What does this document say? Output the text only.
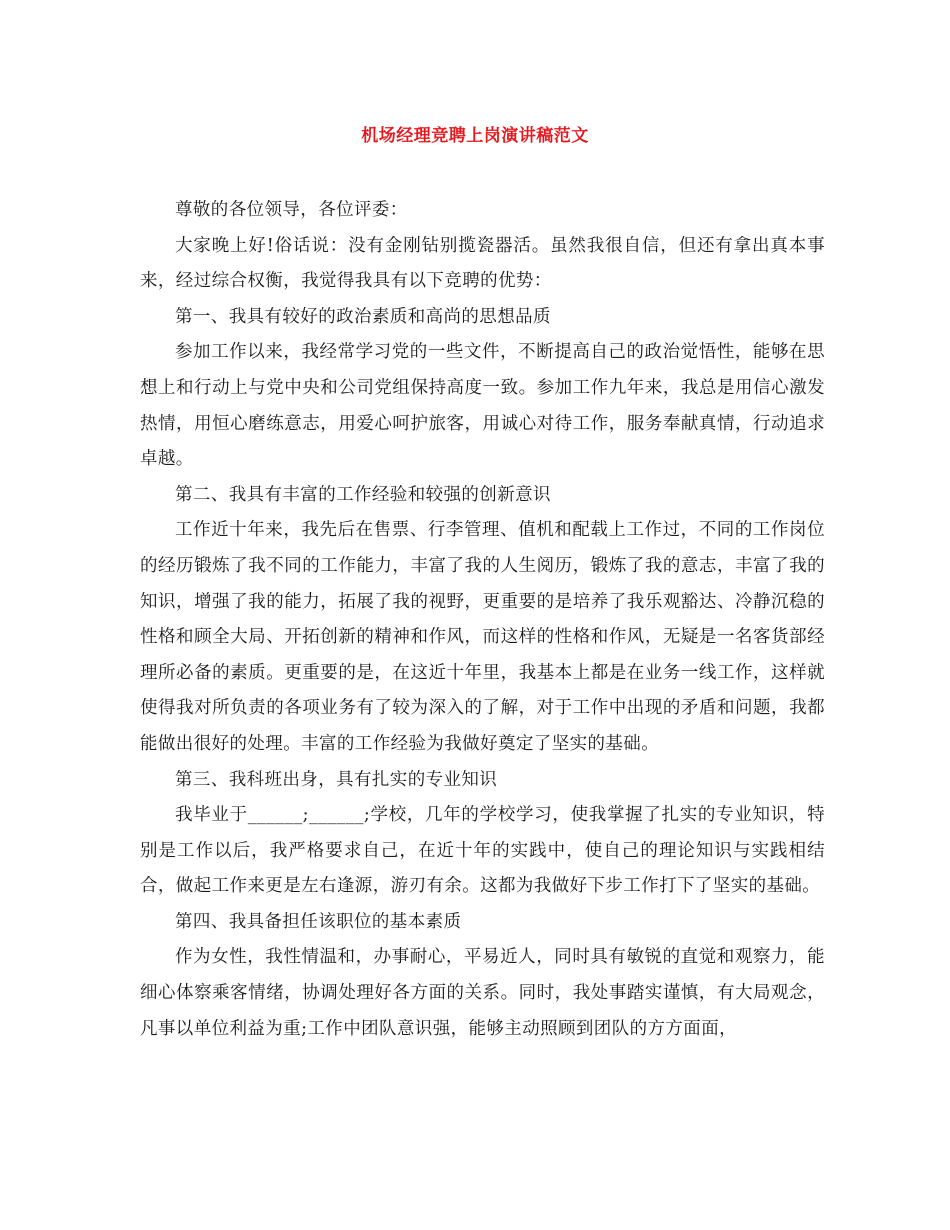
机场经理竞聘上岗演讲稿范文

尊敬的各位领导，各位评委：

大家晚上好!俗话说：没有金刚钻别揽瓷器活。虽然我很自信，但还有拿出真本事来，经过综合权衡，我觉得我具有以下竞聘的优势：

第一、我具有较好的政治素质和高尚的思想品质

参加工作以来，我经常学习党的一些文件，不断提高自己的政治觉悟性，能够在思想上和行动上与党中央和公司党组保持高度一致。参加工作九年来，我总是用信心激发热情，用恒心磨练意志，用爱心呵护旅客，用诚心对待工作，服务奉献真情，行动追求卓越。

第二、我具有丰富的工作经验和较强的创新意识

工作近十年来，我先后在售票、行李管理、值机和配载上工作过，不同的工作岗位的经历锻炼了我不同的工作能力，丰富了我的人生阅历，锻炼了我的意志，丰富了我的知识，增强了我的能力，拓展了我的视野，更重要的是培养了我乐观豁达、冷静沉稳的性格和顾全大局、开拓创新的精神和作风，而这样的性格和作风，无疑是一名客货部经理所必备的素质。更重要的是，在这近十年里，我基本上都是在业务一线工作，这样就使得我对所负责的各项业务有了较为深入的了解，对于工作中出现的矛盾和问题，我都能做出很好的处理。丰富的工作经验为我做好奠定了坚实的基础。

第三、我科班出身，具有扎实的专业知识

我毕业于______;______;学校，几年的学校学习，使我掌握了扎实的专业知识，特别是工作以后，我严格要求自己，在近十年的实践中，使自己的理论知识与实践相结合，做起工作来更是左右逢源，游刃有余。这都为我做好下步工作打下了坚实的基础。

第四、我具备担任该职位的基本素质

作为女性，我性情温和，办事耐心，平易近人，同时具有敏锐的直觉和观察力，能细心体察乘客情绪，协调处理好各方面的关系。同时，我处事踏实谨慎，有大局观念，凡事以单位利益为重;工作中团队意识强，能够主动照顾到团队的方方面面，
